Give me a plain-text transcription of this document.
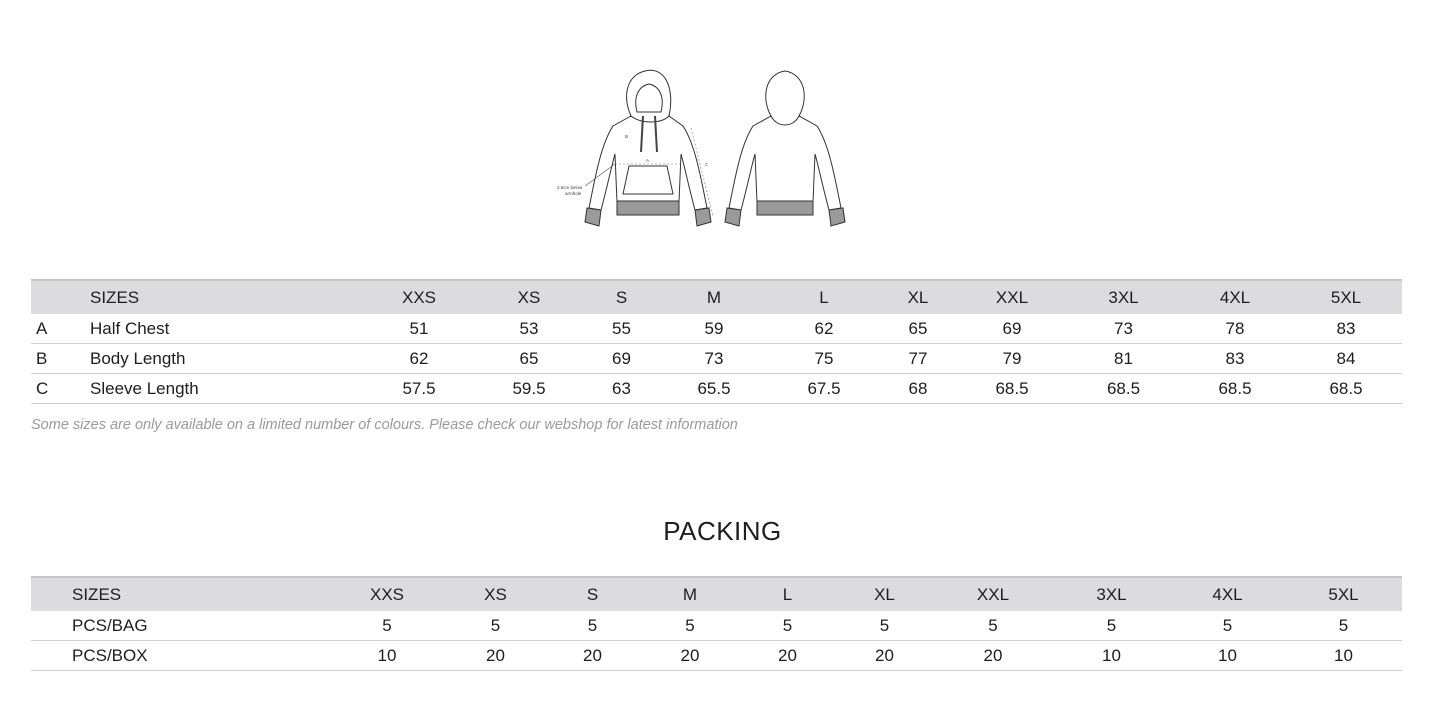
A
B
C
2.5cm below
armhole
	SIZES	XXS	XS	S	M	L	XL	XXL	3XL	4XL	5XL
A	Half Chest	51	53	55	59	62	65	69	73	78	83
B	Body Length	62	65	69	73	75	77	79	81	83	84
C	Sleeve Length	57.5	59.5	63	65.5	67.5	68	68.5	68.5	68.5	68.5
Some sizes are only available on a limited number of colours. Please check our webshop for latest information
PACKING
	SIZES	XXS	XS	S	M	L	XL	XXL	3XL	4XL	5XL
	PCS/BAG	5	5	5	5	5	5	5	5	5	5
	PCS/BOX	10	20	20	20	20	20	20	10	10	10
